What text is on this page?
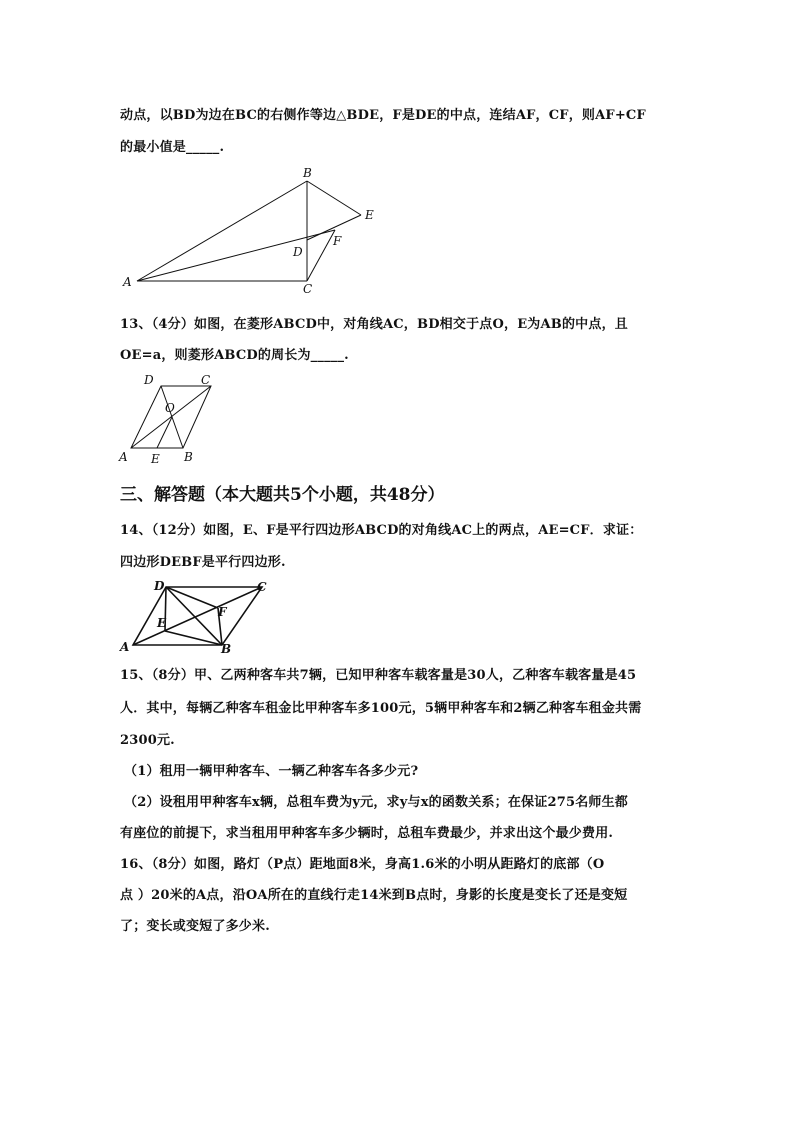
动点，以BD为边在BC的右侧作等边△BDE，F是DE的中点，连结AF，CF，则AF+CF
的最小值是_____.
A
B
C
D
E
F
13、（4分）如图，在菱形ABCD中，对角线AC，BD相交于点O，E为AB的中点，且
OE=a，则菱形ABCD的周长为_____.
D	C
O
A E B
三、解答题（本大题共5个小题，共48分）
14、（12分）如图，E、F是平行四边形ABCD的对角线AC上的两点，AE=CF．求证：
四边形DEBF是平行四边形.
D	C
E
F
A	B
15、（8分）甲、乙两种客车共7辆，已知甲种客车载客量是30人，乙种客车载客量是45
人．其中，每辆乙种客车租金比甲种客车多100元，5辆甲种客车和2辆乙种客车租金共需
2300元.
（1）租用一辆甲种客车、一辆乙种客车各多少元?
（2）设租用甲种客车x辆，总租车费为y元，求y与x的函数关系；在保证275名师生都
有座位的前提下，求当租用甲种客车多少辆时，总租车费最少，并求出这个最少费用.
16、（8分）如图，路灯（P点）距地面8米，身高1.6米的小明从距路灯的底部（O
点 ）20米的A点，沿OA所在的直线行走14米到B点时，身影的长度是变长了还是变短
了；变长或变短了多少米.
